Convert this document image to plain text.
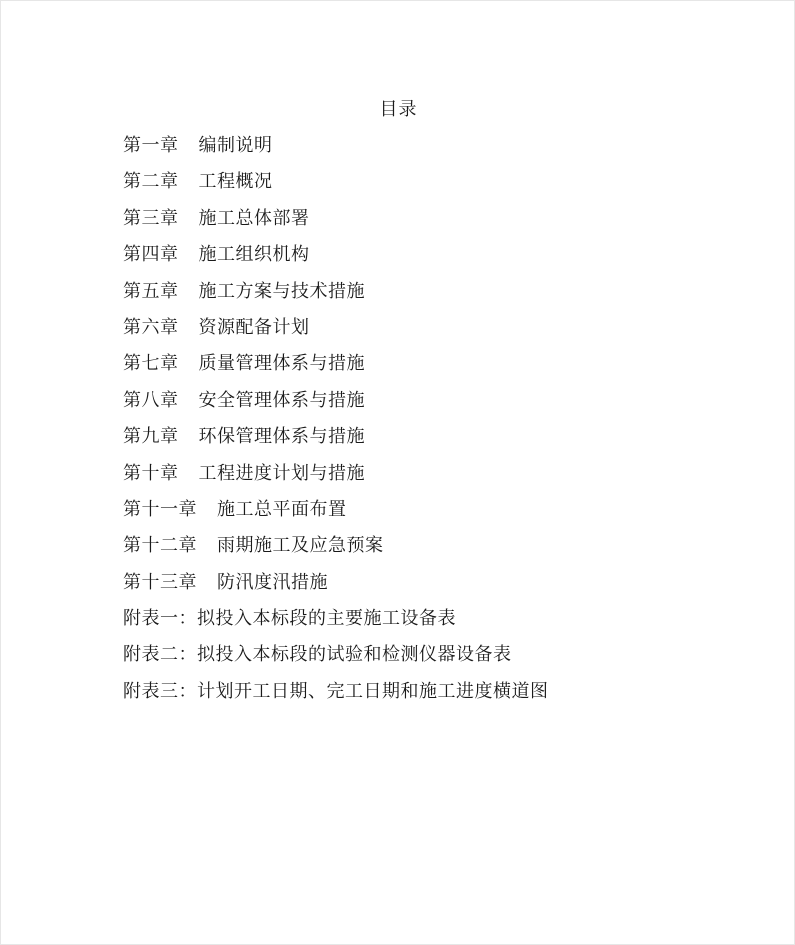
目录
第一章 编制说明
第二章 工程概况
第三章 施工总体部署
第四章 施工组织机构
第五章 施工方案与技术措施
第六章 资源配备计划
第七章 质量管理体系与措施
第八章 安全管理体系与措施
第九章 环保管理体系与措施
第十章 工程进度计划与措施
第十一章 施工总平面布置
第十二章 雨期施工及应急预案
第十三章 防汛度汛措施
附表一：拟投入本标段的主要施工设备表
附表二：拟投入本标段的试验和检测仪器设备表
附表三：计划开工日期、完工日期和施工进度横道图
